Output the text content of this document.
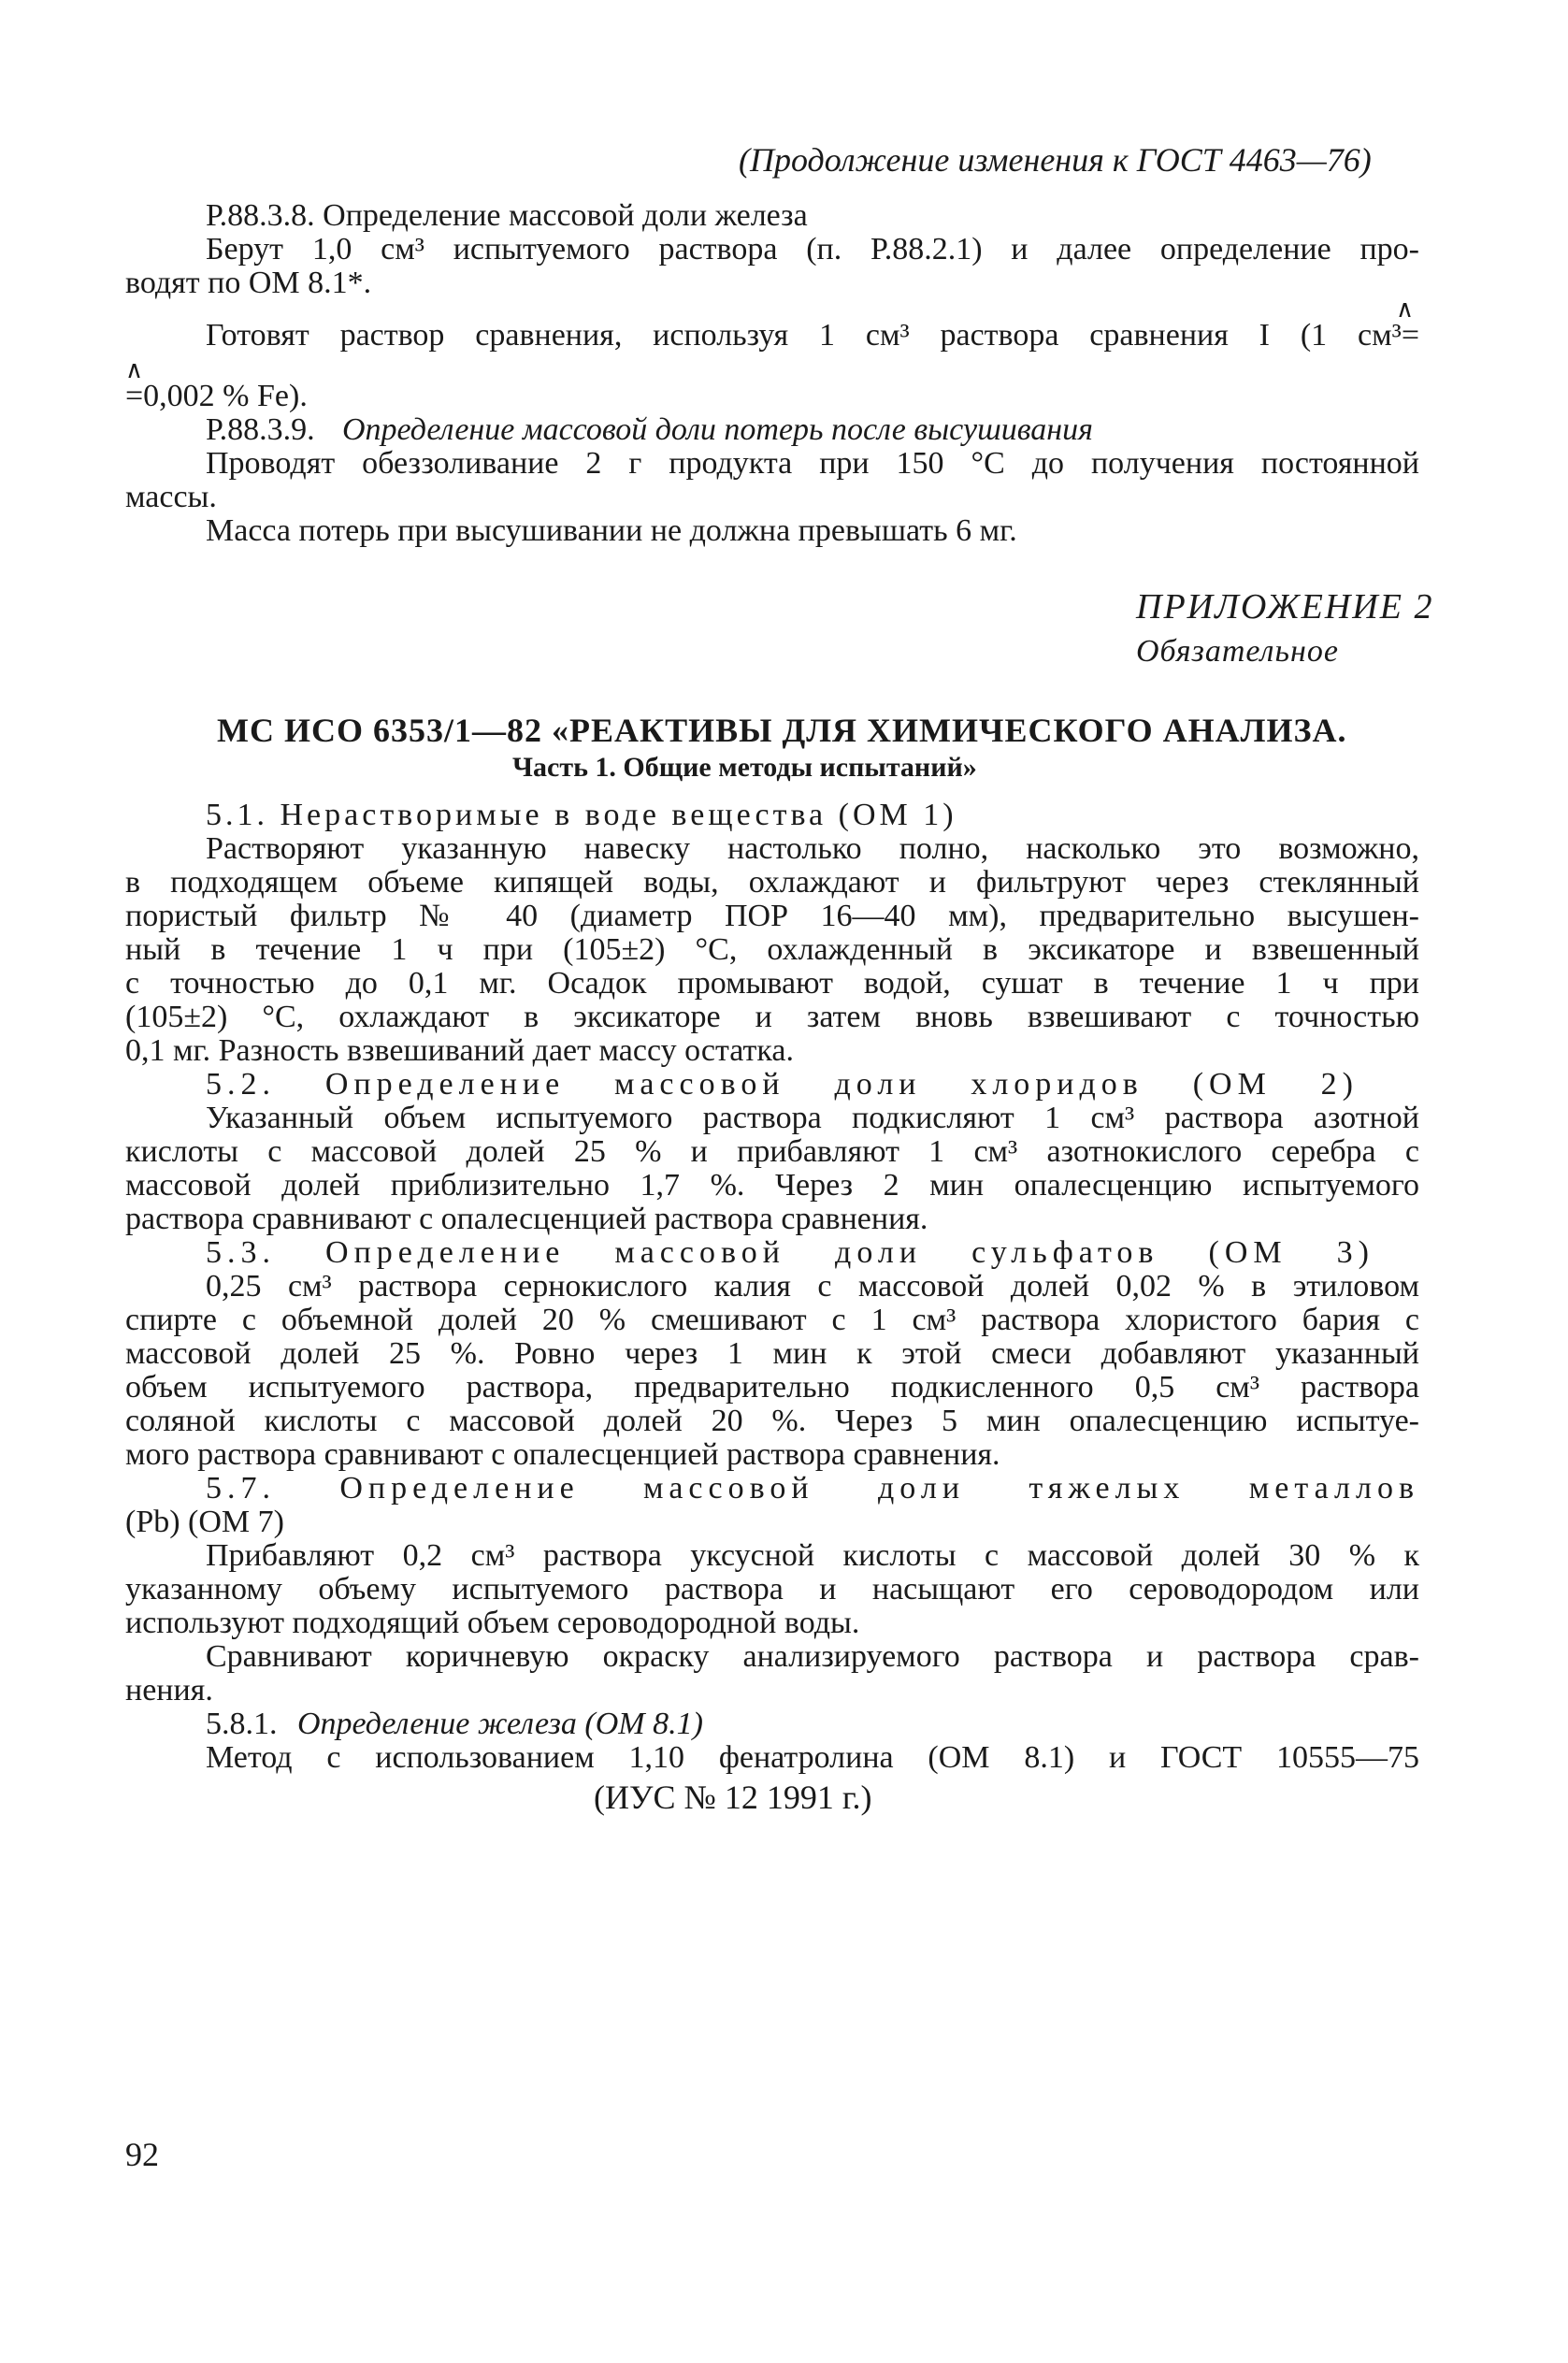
(Продолжение изменения к ГОСТ 4463—76)
Р.88.3.8. Определение массовой доли железа
Берут 1,0 см³ испытуемого раствора (п. Р.88.2.1) и далее определение про-
водят по ОМ 8.1*.
∧
Готовят раствор сравнения, используя 1 см³ раствора сравнения I (1 см³=
∧
=0,002 % Fe).
Р.88.3.9. Определение массовой доли потерь после высушивания
Проводят обеззоливание 2 г продукта при 150 °С до получения постоянной
массы.
Масса потерь при высушивании не должна превышать 6 мг.
ПРИЛОЖЕНИЕ 2
Обязательное
МС ИСО 6353/1—82 «РЕАКТИВЫ ДЛЯ ХИМИЧЕСКОГО АНАЛИЗА.
Часть 1. Общие методы испытаний»
5.1. Нерастворимые в воде вещества (ОМ 1)
Растворяют указанную навеску настолько полно, насколько это возможно,
в подходящем объеме кипящей воды, охлаждают и фильтруют через стеклянный
пористый фильтр № 40 (диаметр ПОР 16—40 мм), предварительно высушен-
ный в течение 1 ч при (105±2) °С, охлажденный в эксикаторе и взвешенный
с точностью до 0,1 мг. Осадок промывают водой, сушат в течение 1 ч при
(105±2) °С, охлаждают в эксикаторе и затем вновь взвешивают с точностью
0,1 мг. Разность взвешиваний дает массу остатка.
5.2. Определение массовой доли хлоридов (ОМ 2)
Указанный объем испытуемого раствора подкисляют 1 см³ раствора азотной
кислоты с массовой долей 25 % и прибавляют 1 см³ азотнокислого серебра с
массовой долей приблизительно 1,7 %. Через 2 мин опалесценцию испытуемого
раствора сравнивают с опалесценцией раствора сравнения.
5.3. Определение массовой доли сульфатов (ОМ 3)
0,25 см³ раствора сернокислого калия с массовой долей 0,02 % в этиловом
спирте с объемной долей 20 % смешивают с 1 см³ раствора хлористого бария с
массовой долей 25 %. Ровно через 1 мин к этой смеси добавляют указанный
объем испытуемого раствора, предварительно подкисленного 0,5 см³ раствора
соляной кислоты с массовой долей 20 %. Через 5 мин опалесценцию испытуе-
мого раствора сравнивают с опалесценцией раствора сравнения.
5.7. Определение массовой доли тяжелых металлов
(Pb) (ОМ 7)
Прибавляют 0,2 см³ раствора уксусной кислоты с массовой долей 30 % к
указанному объему испытуемого раствора и насыщают его сероводородом или
используют подходящий объем сероводородной воды.
Сравнивают коричневую окраску анализируемого раствора и раствора срав-
нения.
5.8.1. Определение железа (ОМ 8.1)
Метод с использованием 1,10 фенатролина (ОМ 8.1) и ГОСТ 10555—75
(ИУС № 12 1991 г.)
92
